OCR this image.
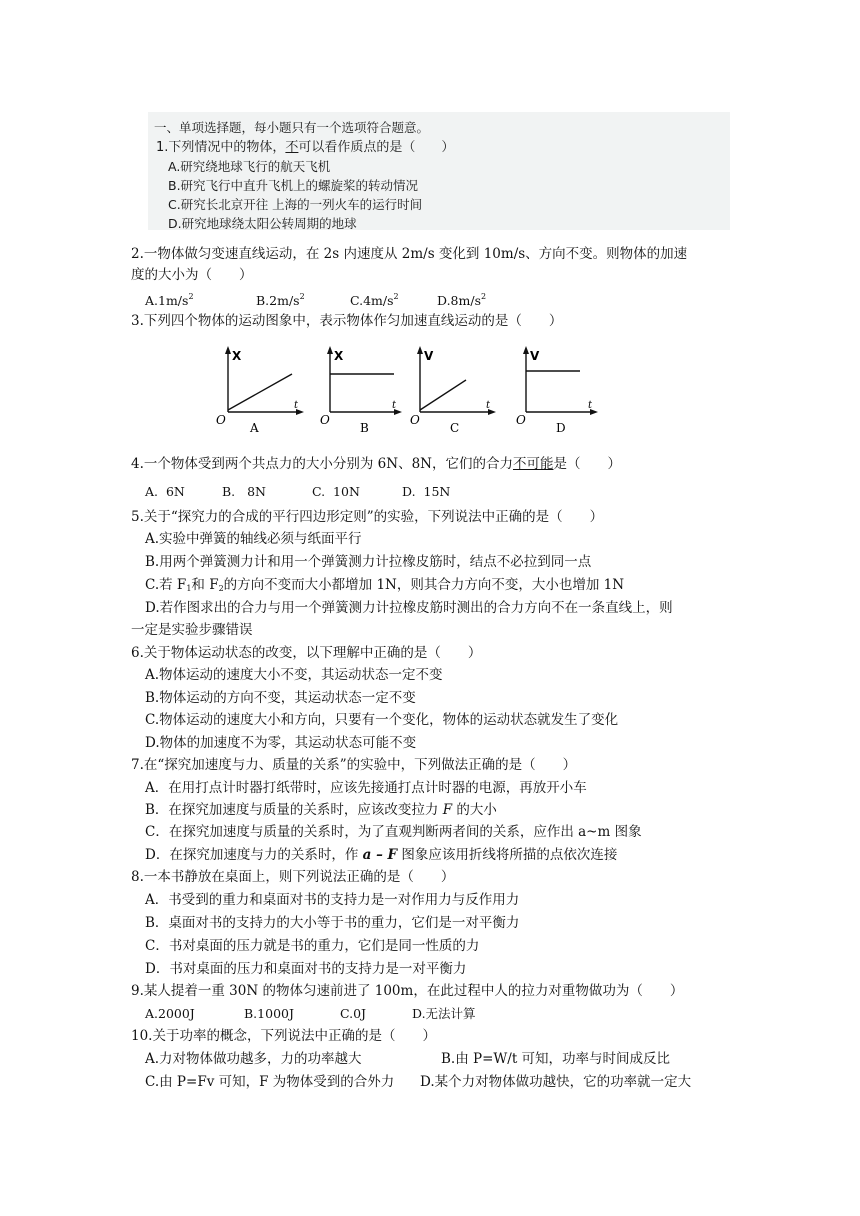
一、单项选择题，每小题只有一个选项符合题意。
1.下列情况中的物体，不可以看作质点的是（　　）
A.研究绕地球飞行的航天飞机
B.研究飞行中直升飞机上的螺旋桨的转动情况
C.研究长北京开往 上海的一列火车的运行时间
D.研究地球绕太阳公转周期的地球
2.一物体做匀变速直线运动，在 2s 内速度从 2m/s 变化到 10m/s、方向不变。则物体的加速
度的大小为（　　）
$A.1m/s^2$	$B.2m/s^2$	$C.4m/s^2$	$D.8m/s^2$
3.下列四个物体的运动图象中，表示物体作匀加速直线运动的是（　　）
X
t
O
A
X
t
O
B
V
t
O
C
V
t
O
D
4.一个物体受到两个共点力的大小分别为 6N、8N，它们的合力不可能是（　　）
A.  6N	B.   8N	C.  10N	D.  15N
5.关于“探究力的合成的平行四边形定则”的实验，下列说法中正确的是（　　）
A.实验中弹簧的轴线必须与纸面平行
B.用两个弹簧测力计和用一个弹簧测力计拉橡皮筋时，结点不必拉到同一点
C.若 $F_1$和 $F_2$的方向不变而大小都增加 1N，则其合力方向不变，大小也增加 1N
D.若作图求出的合力与用一个弹簧测力计拉橡皮筋时测出的合力方向不在一条直线上，则
一定是实验步骤错误
6.关于物体运动状态的改变，以下理解中正确的是（　　）
A.物体运动的速度大小不变，其运动状态一定不变
B.物体运动的方向不变，其运动状态一定不变
C.物体运动的速度大小和方向，只要有一个变化，物体的运动状态就发生了变化
D.物体的加速度不为零，其运动状态可能不变
7.在“探究加速度与力、质量的关系”的实验中，下列做法正确的是（　　）
A．在用打点计时器打纸带时，应该先接通打点计时器的电源，再放开小车
B．在探究加速度与质量的关系时，应该改变拉力 F 的大小
C．在探究加速度与质量的关系时，为了直观判断两者间的关系，应作出 a~m 图象
D．在探究加速度与力的关系时，作 a – F 图象应该用折线将所描的点依次连接
8.一本书静放在桌面上，则下列说法正确的是（　　）
A．书受到的重力和桌面对书的支持力是一对作用力与反作用力
B．桌面对书的支持力的大小等于书的重力，它们是一对平衡力
C．书对桌面的压力就是书的重力，它们是同一性质的力
D．书对桌面的压力和桌面对书的支持力是一对平衡力
9.某人提着一重 30N 的物体匀速前进了 100m，在此过程中人的拉力对重物做功为（　　）
A.2000J	B.1000J	C.0J	D.无法计算
10.关于功率的概念，下列说法中正确的是（　　）
A.力对物体做功越多，力的功率越大	B.由 P=W/t 可知，功率与时间成反比
C.由 P=Fv 可知，F 为物体受到的合外力 D.某个力对物体做功越快，它的功率就一定大
